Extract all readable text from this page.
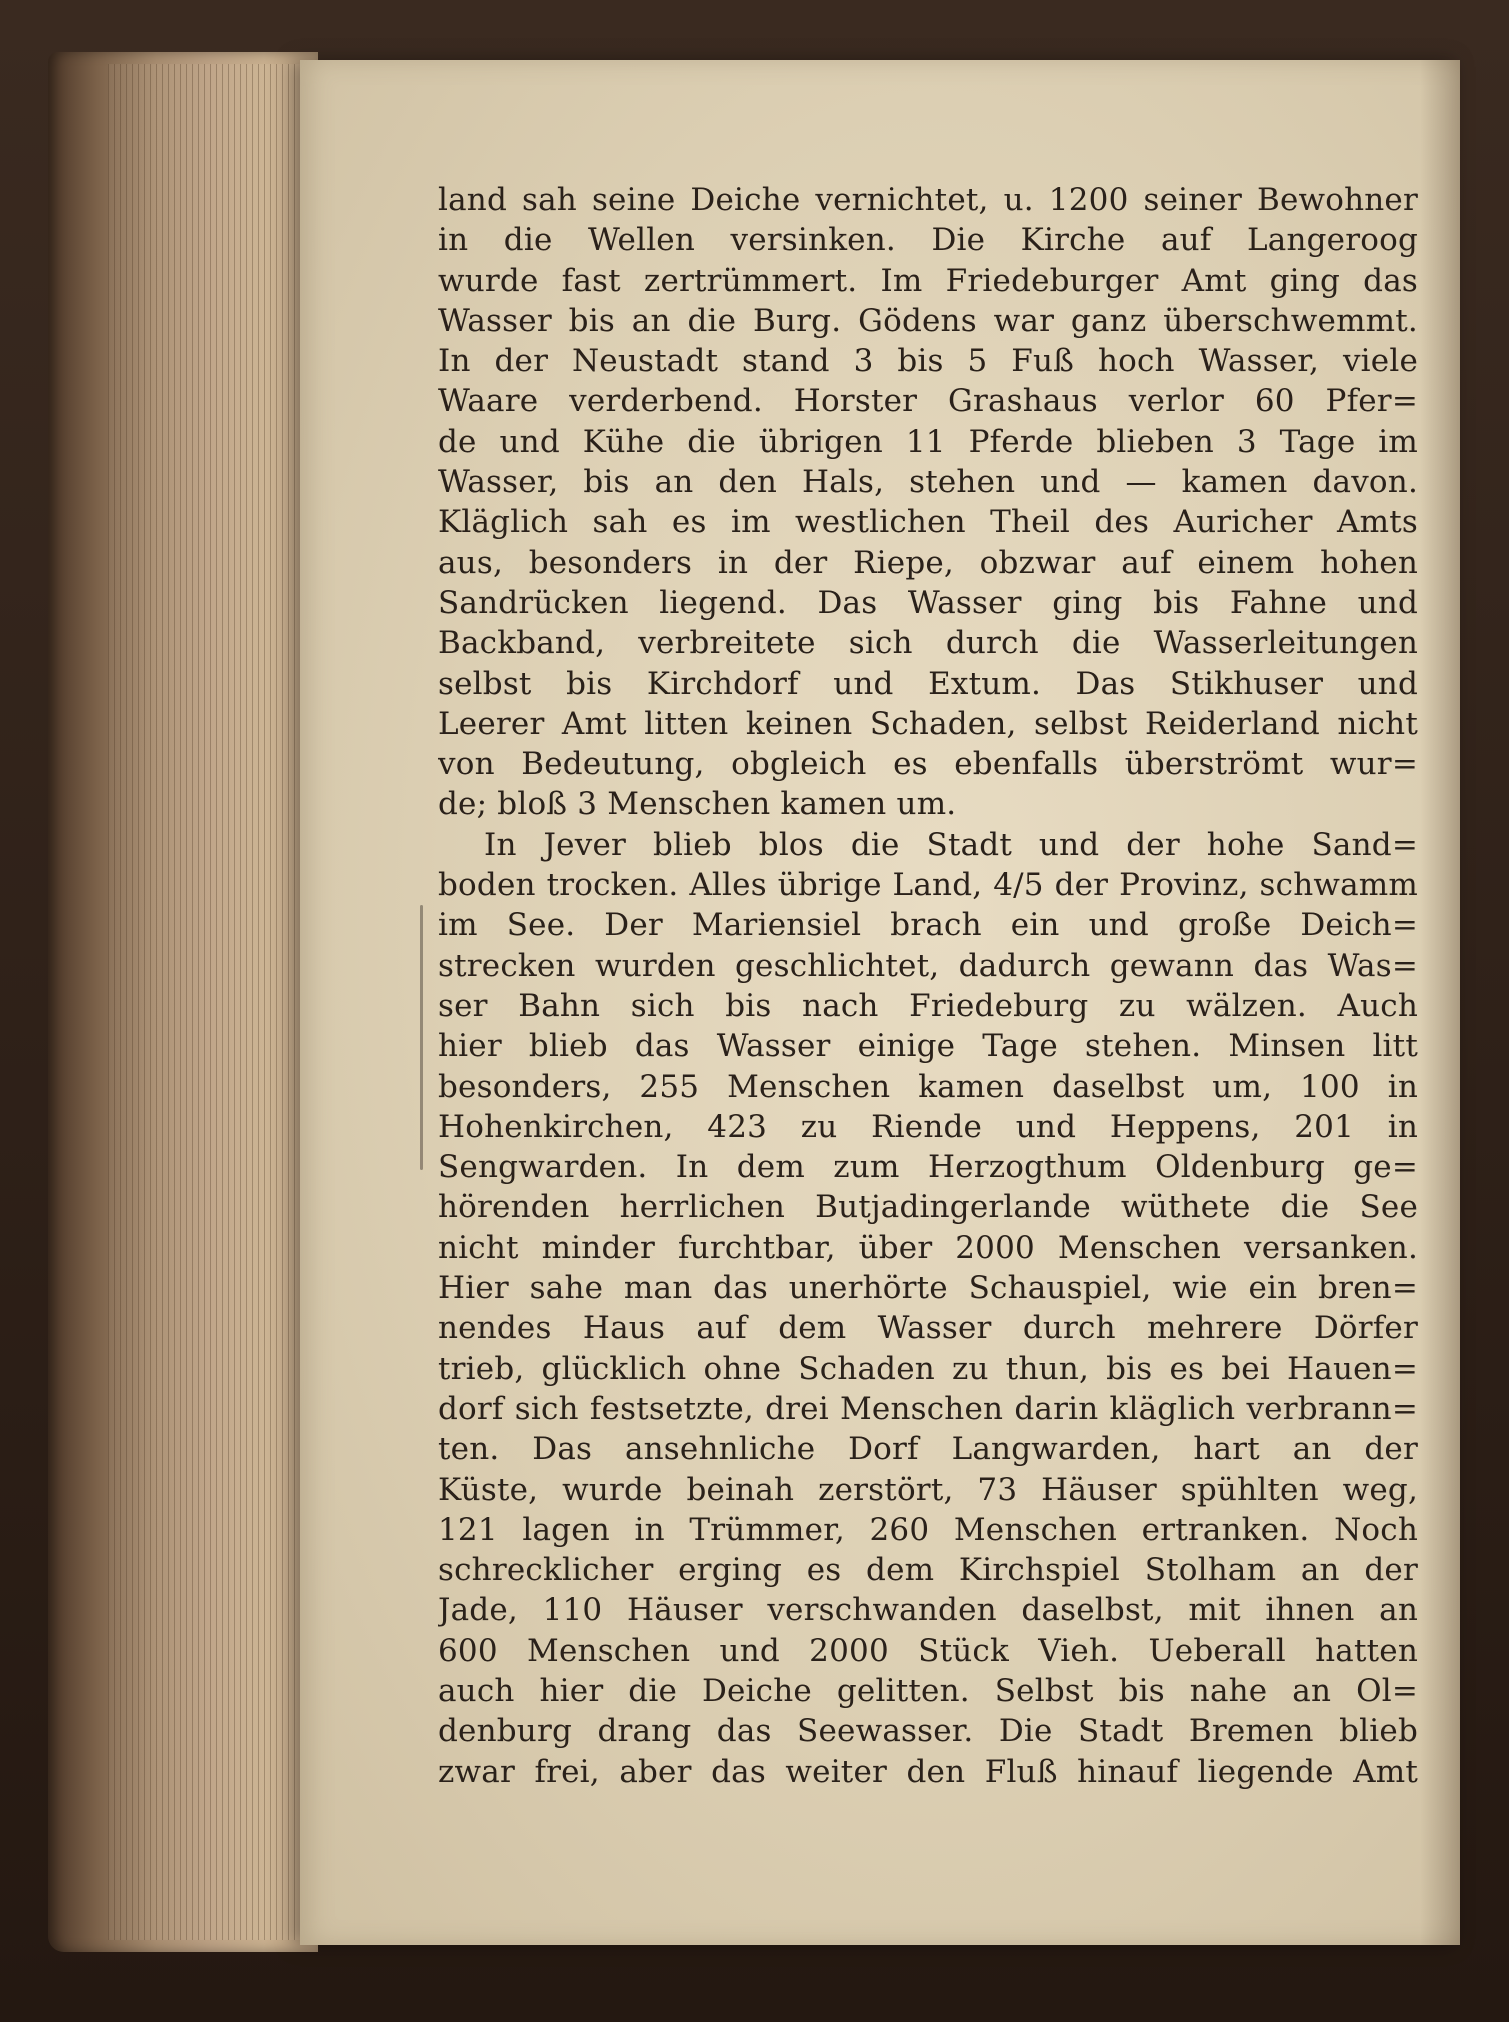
land sah seine Deiche vernichtet, u. 1200 seiner Bewohner
in die Wellen versinken. Die Kirche auf Langeroog
wurde fast zertrümmert. Im Friedeburger Amt ging das
Wasser bis an die Burg. Gödens war ganz überschwemmt.
In der Neustadt stand 3 bis 5 Fuß hoch Wasser, viele
Waare verderbend. Horster Grashaus verlor 60 Pfer=
de und Kühe die übrigen 11 Pferde blieben 3 Tage im
Wasser, bis an den Hals, stehen und — kamen davon.
Kläglich sah es im westlichen Theil des Auricher Amts
aus, besonders in der Riepe, obzwar auf einem hohen
Sandrücken liegend. Das Wasser ging bis Fahne und
Backband, verbreitete sich durch die Wasserleitungen
selbst bis Kirchdorf und Extum. Das Stikhuser und
Leerer Amt litten keinen Schaden, selbst Reiderland nicht
von Bedeutung, obgleich es ebenfalls überströmt wur=
de; bloß 3 Menschen kamen um.
In Jever blieb blos die Stadt und der hohe Sand=
boden trocken. Alles übrige Land, 4/5 der Provinz, schwamm
im See. Der Mariensiel brach ein und große Deich=
strecken wurden geschlichtet, dadurch gewann das Was=
ser Bahn sich bis nach Friedeburg zu wälzen. Auch
hier blieb das Wasser einige Tage stehen. Minsen litt
besonders, 255 Menschen kamen daselbst um, 100 in
Hohenkirchen, 423 zu Riende und Heppens, 201 in
Sengwarden. In dem zum Herzogthum Oldenburg ge=
hörenden herrlichen Butjadingerlande wüthete die See
nicht minder furchtbar, über 2000 Menschen versanken.
Hier sahe man das unerhörte Schauspiel, wie ein bren=
nendes Haus auf dem Wasser durch mehrere Dörfer
trieb, glücklich ohne Schaden zu thun, bis es bei Hauen=
dorf sich festsetzte, drei Menschen darin kläglich verbrann=
ten. Das ansehnliche Dorf Langwarden, hart an der
Küste, wurde beinah zerstört, 73 Häuser spühlten weg,
121 lagen in Trümmer, 260 Menschen ertranken. Noch
schrecklicher erging es dem Kirchspiel Stolham an der
Jade, 110 Häuser verschwanden daselbst, mit ihnen an
600 Menschen und 2000 Stück Vieh. Ueberall hatten
auch hier die Deiche gelitten. Selbst bis nahe an Ol=
denburg drang das Seewasser. Die Stadt Bremen blieb
zwar frei, aber das weiter den Fluß hinauf liegende Amt
